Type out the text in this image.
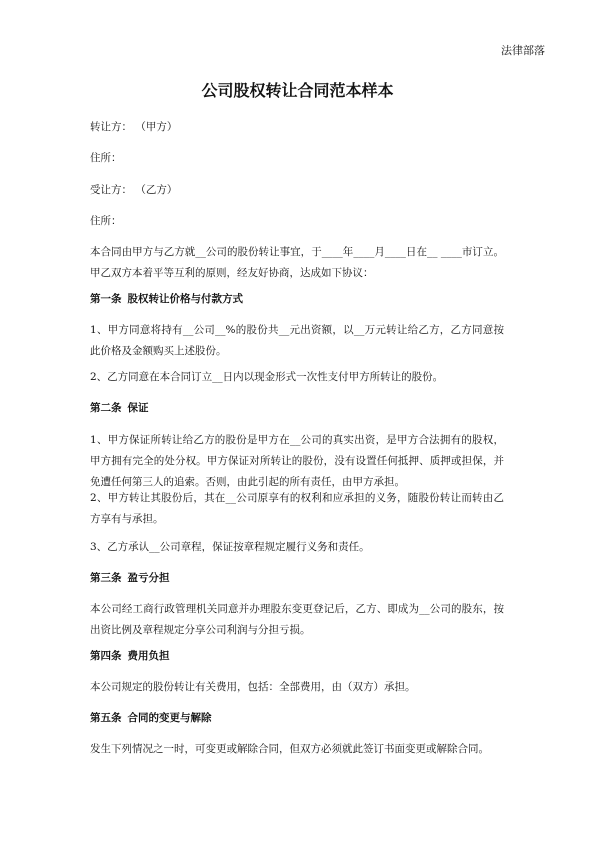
法律部落
公司股权转让合同范本样本
转让方： （甲方）
住所：
受让方： （乙方）
住所：
本合同由甲方与乙方就__公司的股份转让事宜，于____年____月____日在__ ____市订立。甲乙双方本着平等互利的原则，经友好协商，达成如下协议：
第一条 股权转让价格与付款方式
1、甲方同意将持有__公司__%的股份共__元出资额，以__万元转让给乙方，乙方同意按此价格及金额购买上述股份。
2、乙方同意在本合同订立__日内以现金形式一次性支付甲方所转让的股份。
第二条 保证
1、甲方保证所转让给乙方的股份是甲方在__公司的真实出资，是甲方合法拥有的股权，甲方拥有完全的处分权。甲方保证对所转让的股份，没有设置任何抵押、质押或担保，并免遭任何第三人的追索。否则，由此引起的所有责任，由甲方承担。
2、甲方转让其股份后，其在__公司原享有的权利和应承担的义务，随股份转让而转由乙方享有与承担。
3、乙方承认__公司章程，保证按章程规定履行义务和责任。
第三条 盈亏分担
本公司经工商行政管理机关同意并办理股东变更登记后，乙方、即成为__公司的股东，按出资比例及章程规定分享公司利润与分担亏损。
第四条 费用负担
本公司规定的股份转让有关费用，包括：全部费用，由（双方）承担。
第五条 合同的变更与解除
发生下列情况之一时，可变更或解除合同，但双方必须就此签订书面变更或解除合同。
